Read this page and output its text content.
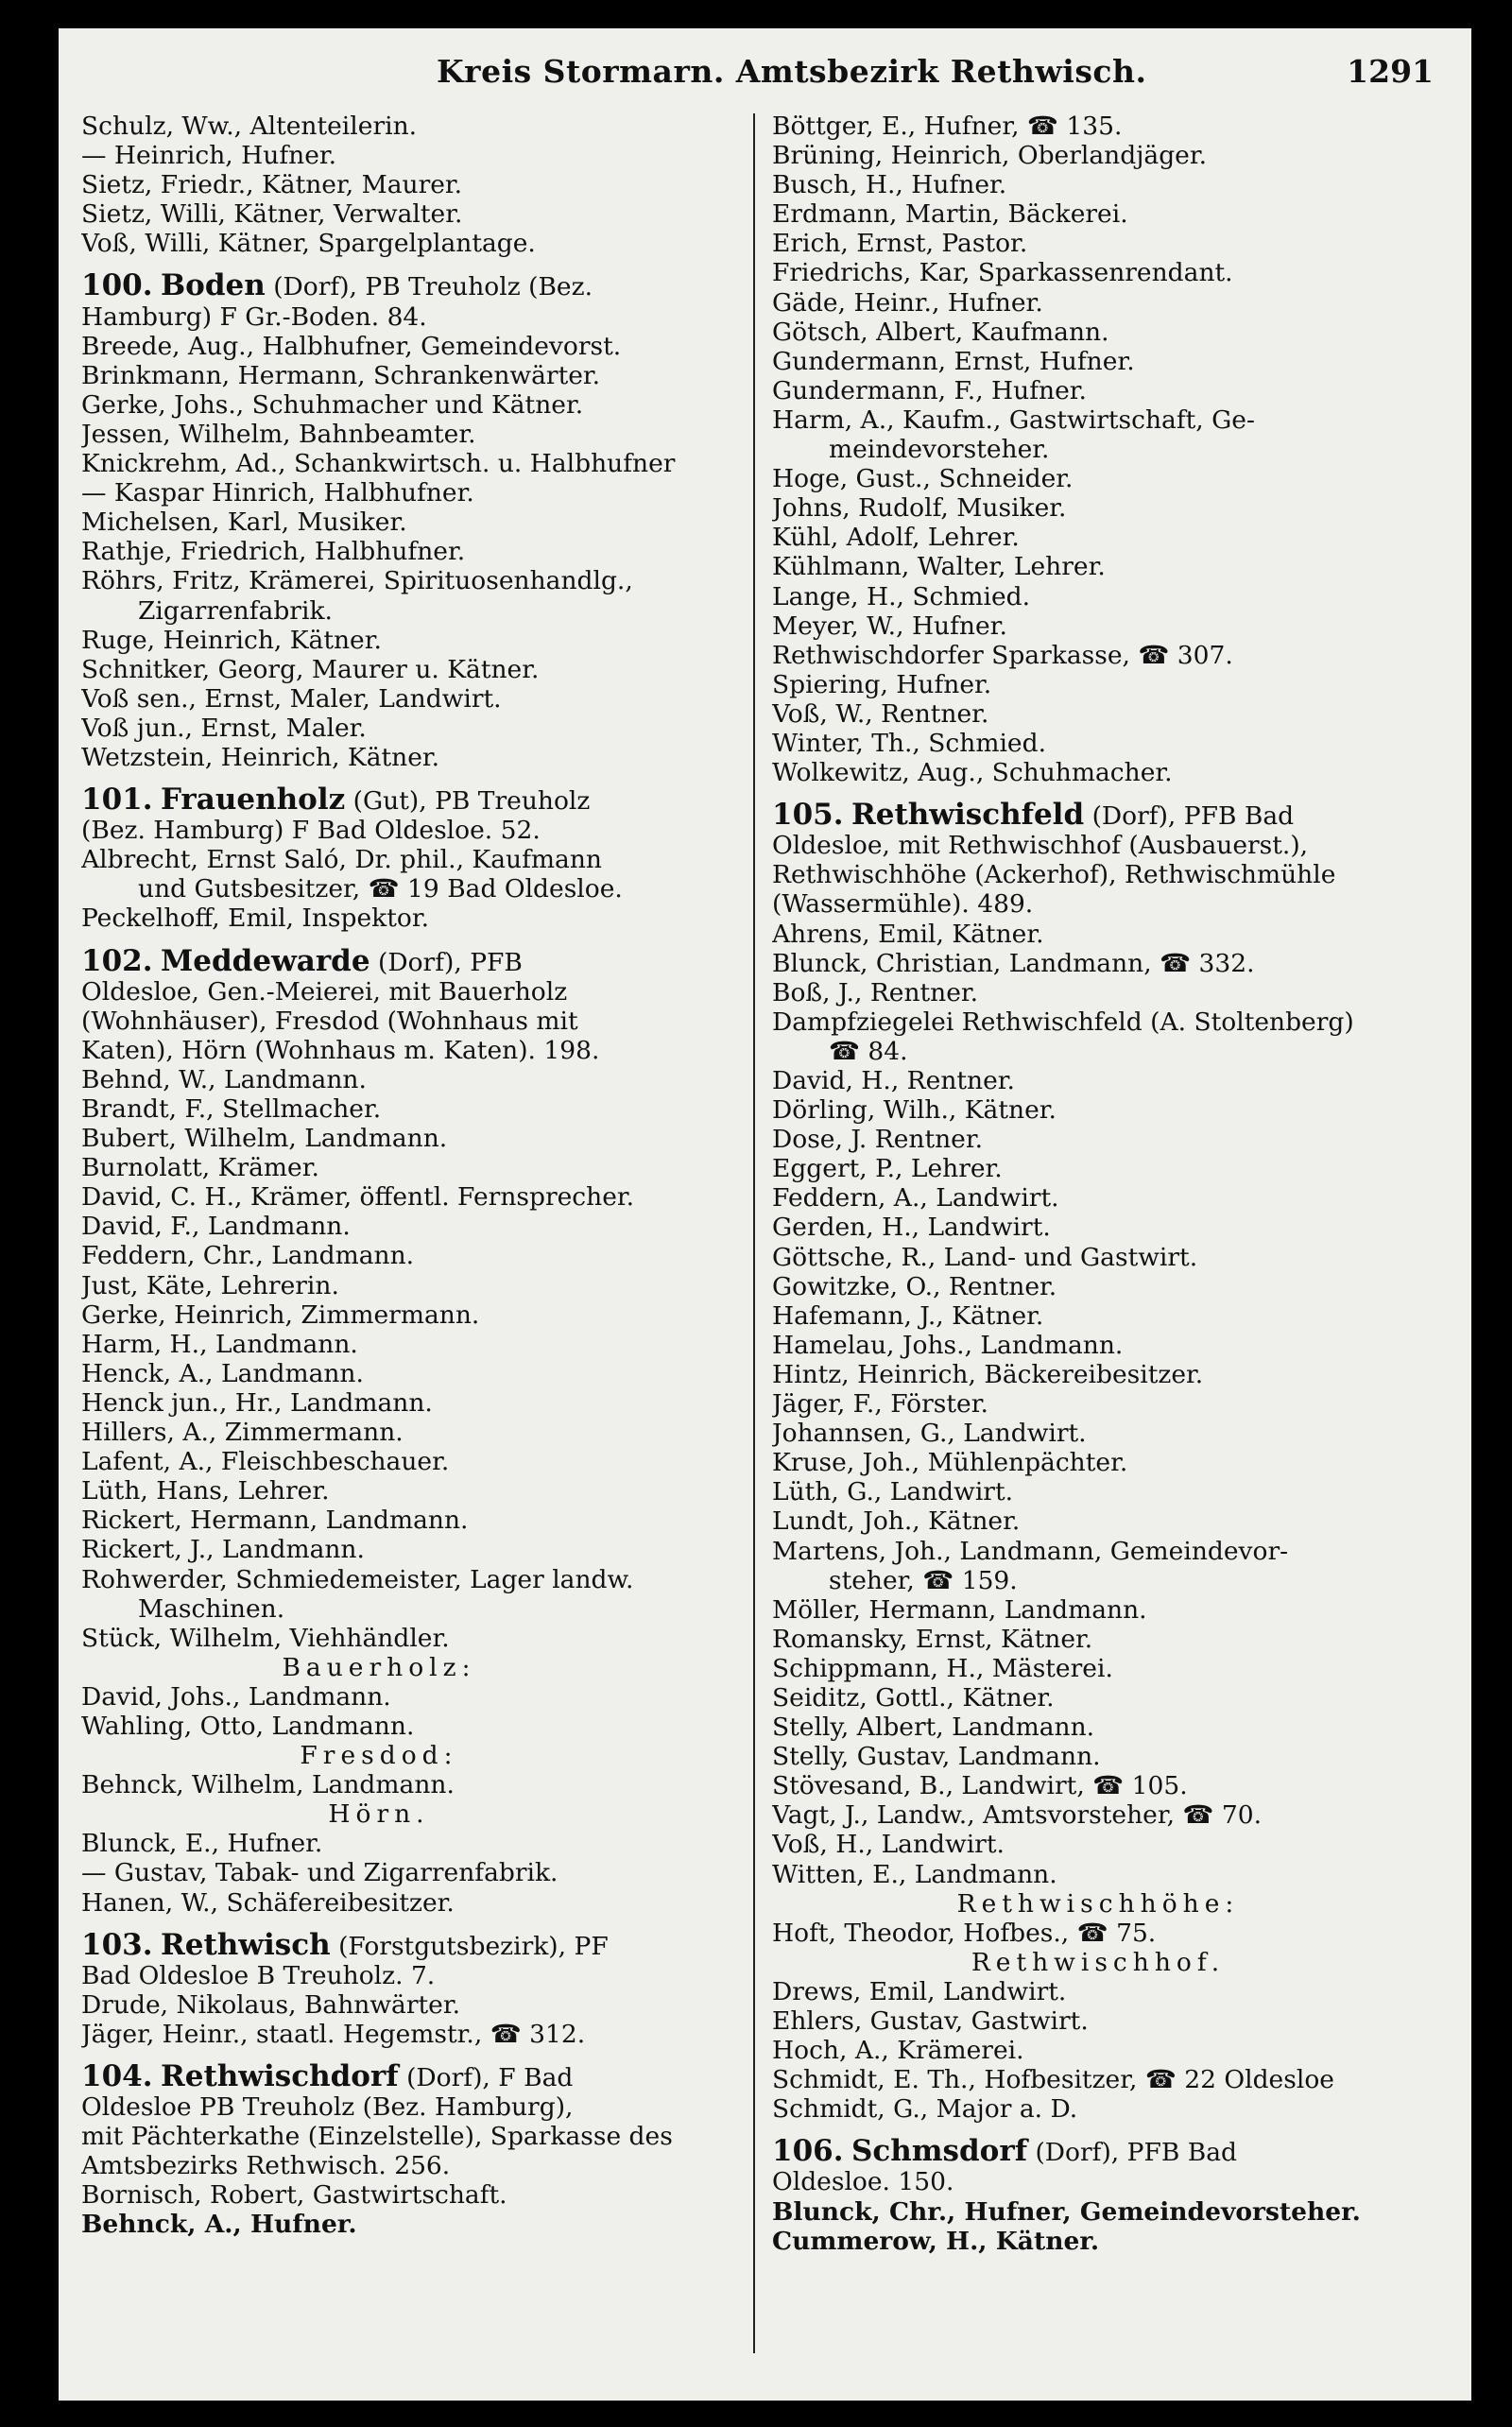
Kreis Stormarn. Amtsbezirk Rethwisch.	1291
Schulz, Ww., Altenteilerin.
— Heinrich, Hufner.
Sietz, Friedr., Kätner, Maurer.
Sietz, Willi, Kätner, Verwalter.
Voß, Willi, Kätner, Spargelplantage.
100. Boden (Dorf), PB Treuholz (Bez.
Hamburg) F Gr.-Boden. 84.
Breede, Aug., Halbhufner, Gemeindevorst.
Brinkmann, Hermann, Schrankenwärter.
Gerke, Johs., Schuhmacher und Kätner.
Jessen, Wilhelm, Bahnbeamter.
Knickrehm, Ad., Schankwirtsch. u. Halbhufner
— Kaspar Hinrich, Halbhufner.
Michelsen, Karl, Musiker.
Rathje, Friedrich, Halbhufner.
Röhrs, Fritz, Krämerei, Spirituosenhandlg.,
Zigarrenfabrik.
Ruge, Heinrich, Kätner.
Schnitker, Georg, Maurer u. Kätner.
Voß sen., Ernst, Maler, Landwirt.
Voß jun., Ernst, Maler.
Wetzstein, Heinrich, Kätner.
101. Frauenholz (Gut), PB Treuholz
(Bez. Hamburg) F Bad Oldesloe. 52.
Albrecht, Ernst Saló, Dr. phil., Kaufmann
und Gutsbesitzer, ☎ 19 Bad Oldesloe.
Peckelhoff, Emil, Inspektor.
102. Meddewarde (Dorf), PFB
Oldesloe, Gen.-Meierei, mit Bauerholz
(Wohnhäuser), Fresdod (Wohnhaus mit
Katen), Hörn (Wohnhaus m. Katen). 198.
Behnd, W., Landmann.
Brandt, F., Stellmacher.
Bubert, Wilhelm, Landmann.
Burnolatt, Krämer.
David, C. H., Krämer, öffentl. Fernsprecher.
David, F., Landmann.
Feddern, Chr., Landmann.
Just, Käte, Lehrerin.
Gerke, Heinrich, Zimmermann.
Harm, H., Landmann.
Henck, A., Landmann.
Henck jun., Hr., Landmann.
Hillers, A., Zimmermann.
Lafent, A., Fleischbeschauer.
Lüth, Hans, Lehrer.
Rickert, Hermann, Landmann.
Rickert, J., Landmann.
Rohwerder, Schmiedemeister, Lager landw.
Maschinen.
Stück, Wilhelm, Viehhändler.
Bauerholz:
David, Johs., Landmann.
Wahling, Otto, Landmann.
Fresdod:
Behnck, Wilhelm, Landmann.
Hörn.
Blunck, E., Hufner.
— Gustav, Tabak- und Zigarrenfabrik.
Hanen, W., Schäfereibesitzer.
103. Rethwisch (Forstgutsbezirk), PF
Bad Oldesloe B Treuholz. 7.
Drude, Nikolaus, Bahnwärter.
Jäger, Heinr., staatl. Hegemstr., ☎ 312.
104. Rethwischdorf (Dorf), F Bad
Oldesloe PB Treuholz (Bez. Hamburg),
mit Pächterkathe (Einzelstelle), Sparkasse des
Amtsbezirks Rethwisch. 256.
Bornisch, Robert, Gastwirtschaft.
Behnck, A., Hufner.
Böttger, E., Hufner, ☎ 135.
Brüning, Heinrich, Oberlandjäger.
Busch, H., Hufner.
Erdmann, Martin, Bäckerei.
Erich, Ernst, Pastor.
Friedrichs, Kar, Sparkassenrendant.
Gäde, Heinr., Hufner.
Götsch, Albert, Kaufmann.
Gundermann, Ernst, Hufner.
Gundermann, F., Hufner.
Harm, A., Kaufm., Gastwirtschaft, Ge-
meindevorsteher.
Hoge, Gust., Schneider.
Johns, Rudolf, Musiker.
Kühl, Adolf, Lehrer.
Kühlmann, Walter, Lehrer.
Lange, H., Schmied.
Meyer, W., Hufner.
Rethwischdorfer Sparkasse, ☎ 307.
Spiering, Hufner.
Voß, W., Rentner.
Winter, Th., Schmied.
Wolkewitz, Aug., Schuhmacher.
105. Rethwischfeld (Dorf), PFB Bad
Oldesloe, mit Rethwischhof (Ausbauerst.),
Rethwischhöhe (Ackerhof), Rethwischmühle
(Wassermühle). 489.
Ahrens, Emil, Kätner.
Blunck, Christian, Landmann, ☎ 332.
Boß, J., Rentner.
Dampfziegelei Rethwischfeld (A. Stoltenberg)
☎ 84.
David, H., Rentner.
Dörling, Wilh., Kätner.
Dose, J. Rentner.
Eggert, P., Lehrer.
Feddern, A., Landwirt.
Gerden, H., Landwirt.
Göttsche, R., Land- und Gastwirt.
Gowitzke, O., Rentner.
Hafemann, J., Kätner.
Hamelau, Johs., Landmann.
Hintz, Heinrich, Bäckereibesitzer.
Jäger, F., Förster.
Johannsen, G., Landwirt.
Kruse, Joh., Mühlenpächter.
Lüth, G., Landwirt.
Lundt, Joh., Kätner.
Martens, Joh., Landmann, Gemeindevor-
steher, ☎ 159.
Möller, Hermann, Landmann.
Romansky, Ernst, Kätner.
Schippmann, H., Mästerei.
Seiditz, Gottl., Kätner.
Stelly, Albert, Landmann.
Stelly, Gustav, Landmann.
Stövesand, B., Landwirt, ☎ 105.
Vagt, J., Landw., Amtsvorsteher, ☎ 70.
Voß, H., Landwirt.
Witten, E., Landmann.
Rethwischhöhe:
Hoft, Theodor, Hofbes., ☎ 75.
Rethwischhof.
Drews, Emil, Landwirt.
Ehlers, Gustav, Gastwirt.
Hoch, A., Krämerei.
Schmidt, E. Th., Hofbesitzer, ☎ 22 Oldesloe
Schmidt, G., Major a. D.
106. Schmsdorf (Dorf), PFB Bad
Oldesloe. 150.
Blunck, Chr., Hufner, Gemeindevorsteher.
Cummerow, H., Kätner.
